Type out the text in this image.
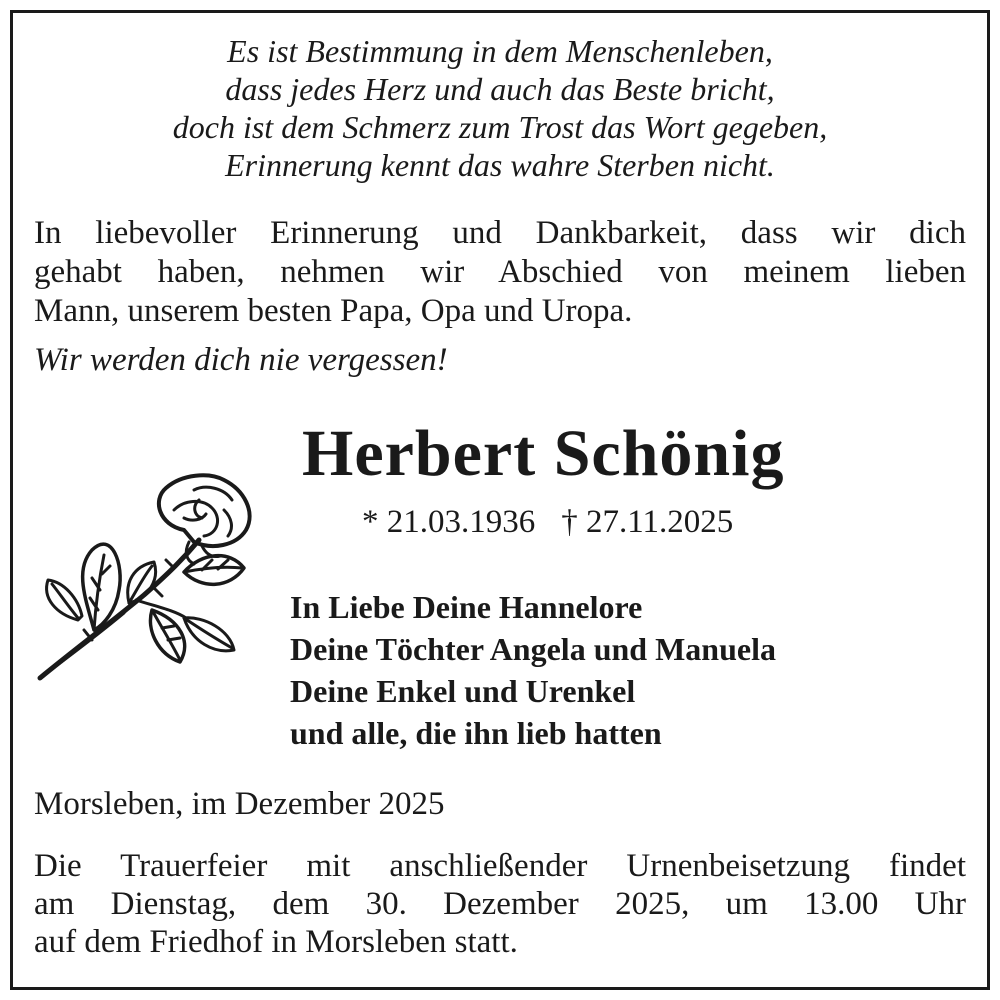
Es ist Bestimmung in dem Menschenleben,
dass jedes Herz und auch das Beste bricht,
doch ist dem Schmerz zum Trost das Wort gegeben,
Erinnerung kennt das wahre Sterben nicht.
In liebevoller Erinnerung und Dankbarkeit, dass wir dich
gehabt haben, nehmen wir Abschied von meinem lieben
Mann, unserem besten Papa, Opa und Uropa.
Wir werden dich nie vergessen!
Herbert Schönig
* 21.03.1936 † 27.11.2025
In Liebe Deine Hannelore
Deine Töchter Angela und Manuela
Deine Enkel und Urenkel
und alle, die ihn lieb hatten
Morsleben, im Dezember 2025
Die Trauerfeier mit anschließender Urnenbeisetzung findet
am Dienstag, dem 30. Dezember 2025, um 13.00 Uhr
auf dem Friedhof in Morsleben statt.
